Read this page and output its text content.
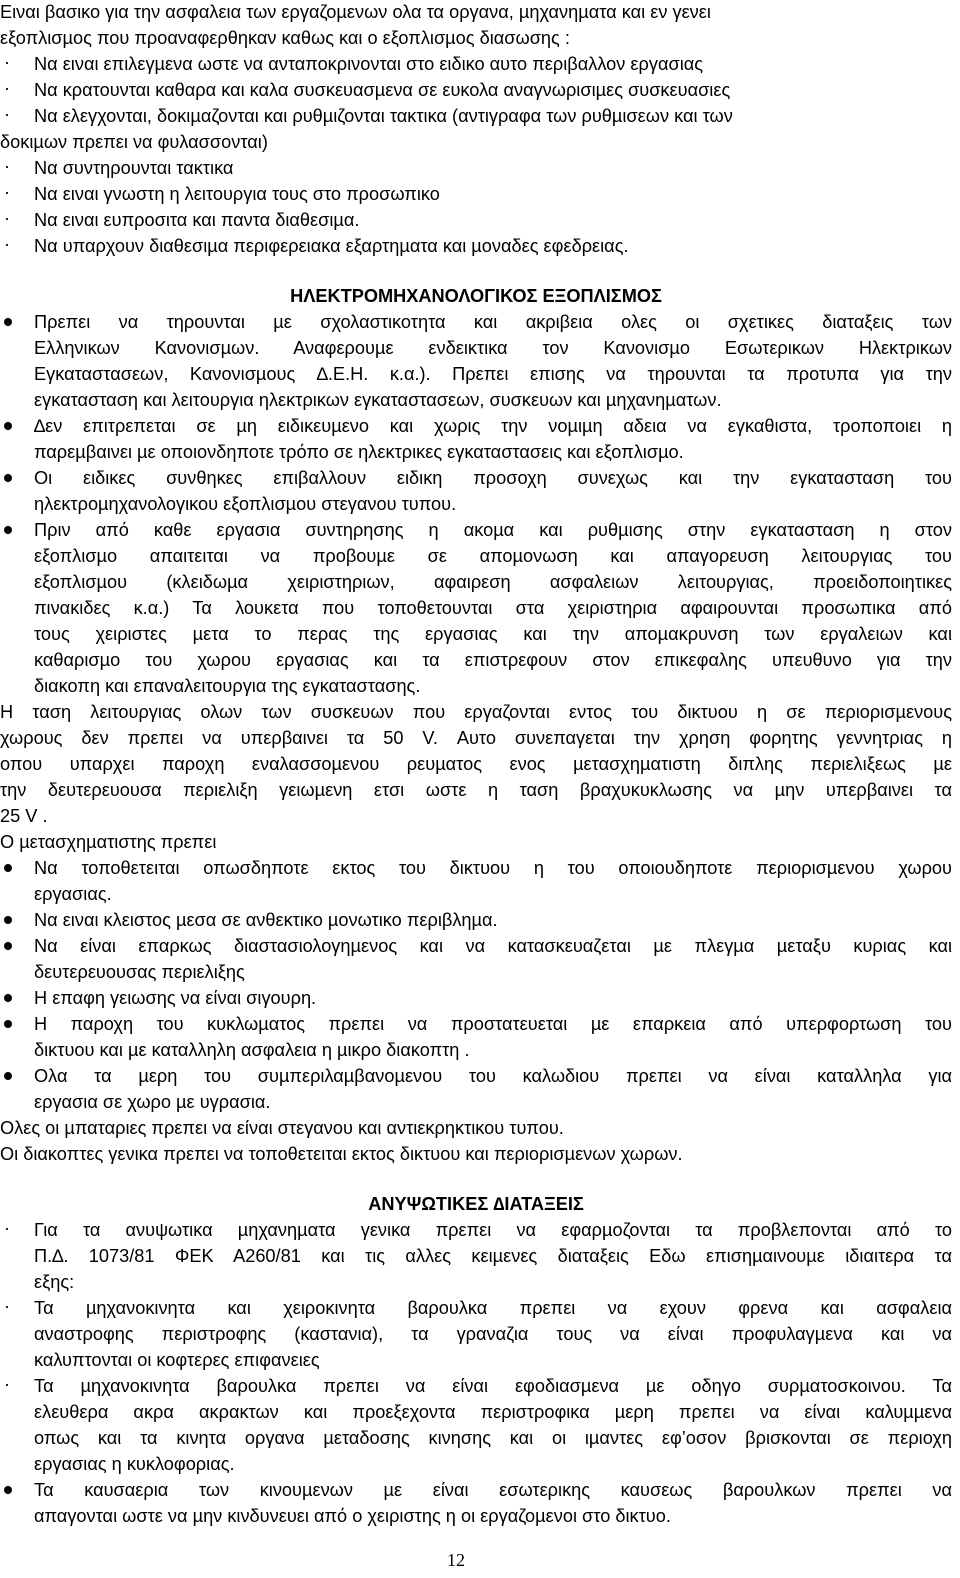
Ειναι βασικο για την ασφαλεια των εργαζοµενων ολα τα οργανα, µηχανηµατα και εν γενει
εξοπλισµος που προαναφερθηκαν καθως και ο εξοπλισµος διασωσης :
· Να ειναι επιλεγµενα ωστε να ανταποκρινονται στο ειδικο αυτο περιβαλλον εργασιας
· Να κρατουνται καθαρα και καλα συσκευασµενα σε ευκολα αναγνωρισιµες συσκευασιες
· Να ελεγχονται, δοκιµαζονται και ρυθµιζονται τακτικα (αντιγραφα των ρυθµισεων και των
δοκιµων πρεπει να φυλασσονται)
· Να συντηρουνται τακτικα
· Να ειναι γνωστη η λειτουργια τους στο προσωπικο
· Να ειναι ευπροσιτα και παντα διαθεσιµα.
· Να υπαρχουν διαθεσιµα περιφερειακα εξαρτηµατα και µοναδες εφεδρειας.
ΗΛΕΚΤΡΟΜΗΧΑΝΟΛΟΓΙΚΟΣ ΕΞΟΠΛΙΣΜΟΣ
Πρεπει να τηρουνται µε σχολαστικοτητα και ακριβεια ολες οι σχετικες διαταξεις των
Ελληνικων Κανονισµων. Αναφερουµε ενδεικτικα τον Κανονισµο Εσωτερικων Ηλεκτρικων
Εγκαταστασεων, Κανονισµους ∆.Ε.Η. κ.α.). Πρεπει επισης να τηρουνται τα προτυπα για την
εγκατασταση και λειτουργια ηλεκτρικων εγκαταστασεων, συσκευων και µηχανηµατων.
∆εν επιτρεπεται σε µη ειδικευµενο και χωρις την νοµιµη αδεια να εγκαθιστα, τροποποιει η
παρεµβαινει µε οποιονδηποτε τρόπο σε ηλεκτρικες εγκαταστασεις και εξοπλισµο.
Οι ειδικες συνθηκες επιβαλλουν ειδικη προσοχη συνεχως και την εγκατασταση του
ηλεκτροµηχανολογικου εξοπλισµου στεγανου τυπου.
Πριν από καθε εργασια συντηρησης η ακοµα και ρυθµισης στην εγκατασταση η στον
εξοπλισµο απαιτειται να προβουµε σε αποµονωση και απαγορευση λειτουργιας του
εξοπλισµου (κλειδωµα χειριστηριων, αφαιρεση ασφαλειων λειτουργιας, προειδοποιητικες
πινακιδες κ.α.) Τα λουκετα που τοποθετουνται στα χειριστηρια αφαιρουνται προσωπικα από
τους χειριστες µετα το περας της εργασιας και την αποµακρυνση των εργαλειων και
καθαρισµο του χωρου εργασιας και τα επιστρεφουν στον επικεφαλης υπευθυνο για την
διακοπη και επαναλειτουργια της εγκαταστασης.
Η ταση λειτουργιας ολων των συσκευων που εργαζονται εντος του δικτυου η σε περιορισµενους
χωρους δεν πρεπει να υπερβαινει τα 50 V. Αυτο συνεπαγεται την χρηση φορητης γεννητριας η
οπου υπαρχει παροχη εναλασσοµενου ρευµατος ενος µετασχηµατιστη διπλης περιελιξεως µε
την δευτερευουσα περιελιξη γειωµενη ετσι ωστε η ταση βραχυκυκλωσης να µην υπερβαινει τα
25 V .
Ο µετασχηµατιστης πρεπει
Να τοποθετειται οπωσδηποτε εκτος του δικτυου η του οποιουδηποτε περιορισµενου χωρου
εργασιας.
Να ειναι κλειστος µεσα σε ανθεκτικο µονωτικο περιβληµα.
Να είναι επαρκως διαστασιολογηµενος και να κατασκευαζεται µε πλεγµα µεταξυ κυριας και
δευτερευουσας περιελιξης
Η επαφη γειωσης να είναι σιγουρη.
Η παροχη του κυκλωµατος πρεπει να προστατευεται µε επαρκεια από υπερφορτωση του
δικτυου και µε καταλληλη ασφαλεια η µικρο διακοπτη .
Ολα τα µερη του συµπεριλαµβανοµενου του καλωδιου πρεπει να είναι καταλληλα για
εργασια σε χωρο µε υγρασια.
Ολες οι µπαταριες πρεπει να είναι στεγανου και αντιεκρηκτικου τυπου.
Οι διακοπτες γενικα πρεπει να τοποθετειται εκτος δικτυου και περιορισµενων χωρων.
ΑΝΥΨΩΤΙΚΕΣ ∆ΙΑΤΑΞΕΙΣ
· Για τα ανυψωτικα µηχανηµατα γενικα πρεπει να εφαρµοζονται τα προβλεπονται από το
Π.∆. 1073/81 ΦΕΚ Α260/81 και τις αλλες κειµενες διαταξεις Εδω επισηµαινουµε ιδιαιτερα τα
εξης:
· Τα µηχανοκινητα και χειροκινητα βαρουλκα πρεπει να εχουν φρενα και ασφαλεια
αναστροφης περιστροφης (καστανια), τα γραναζια τους να είναι προφυλαγµενα και να
καλυπτονται οι κοφτερες επιφανειες
· Τα µηχανοκινητα βαρουλκα πρεπει να είναι εφοδιασµενα µε οδηγο συρµατοσκοινου. Τα
ελευθερα ακρα ακρακτων και προεξεχοντα περιστροφικα µερη πρεπει να είναι καλυµµενα
οπως και τα κινητα οργανα µεταδοσης κινησης και οι ιµαντες εφ’οσον βρισκονται σε περιοχη
εργασιας η κυκλοφοριας.
Τα καυσαερια των κινουµενων µε είναι εσωτερικης καυσεως βαρουλκων πρεπει να
απαγονται ωστε να µην κινδυνευει από ο χειριστης η οι εργαζοµενοι στο δικτυο.
12
